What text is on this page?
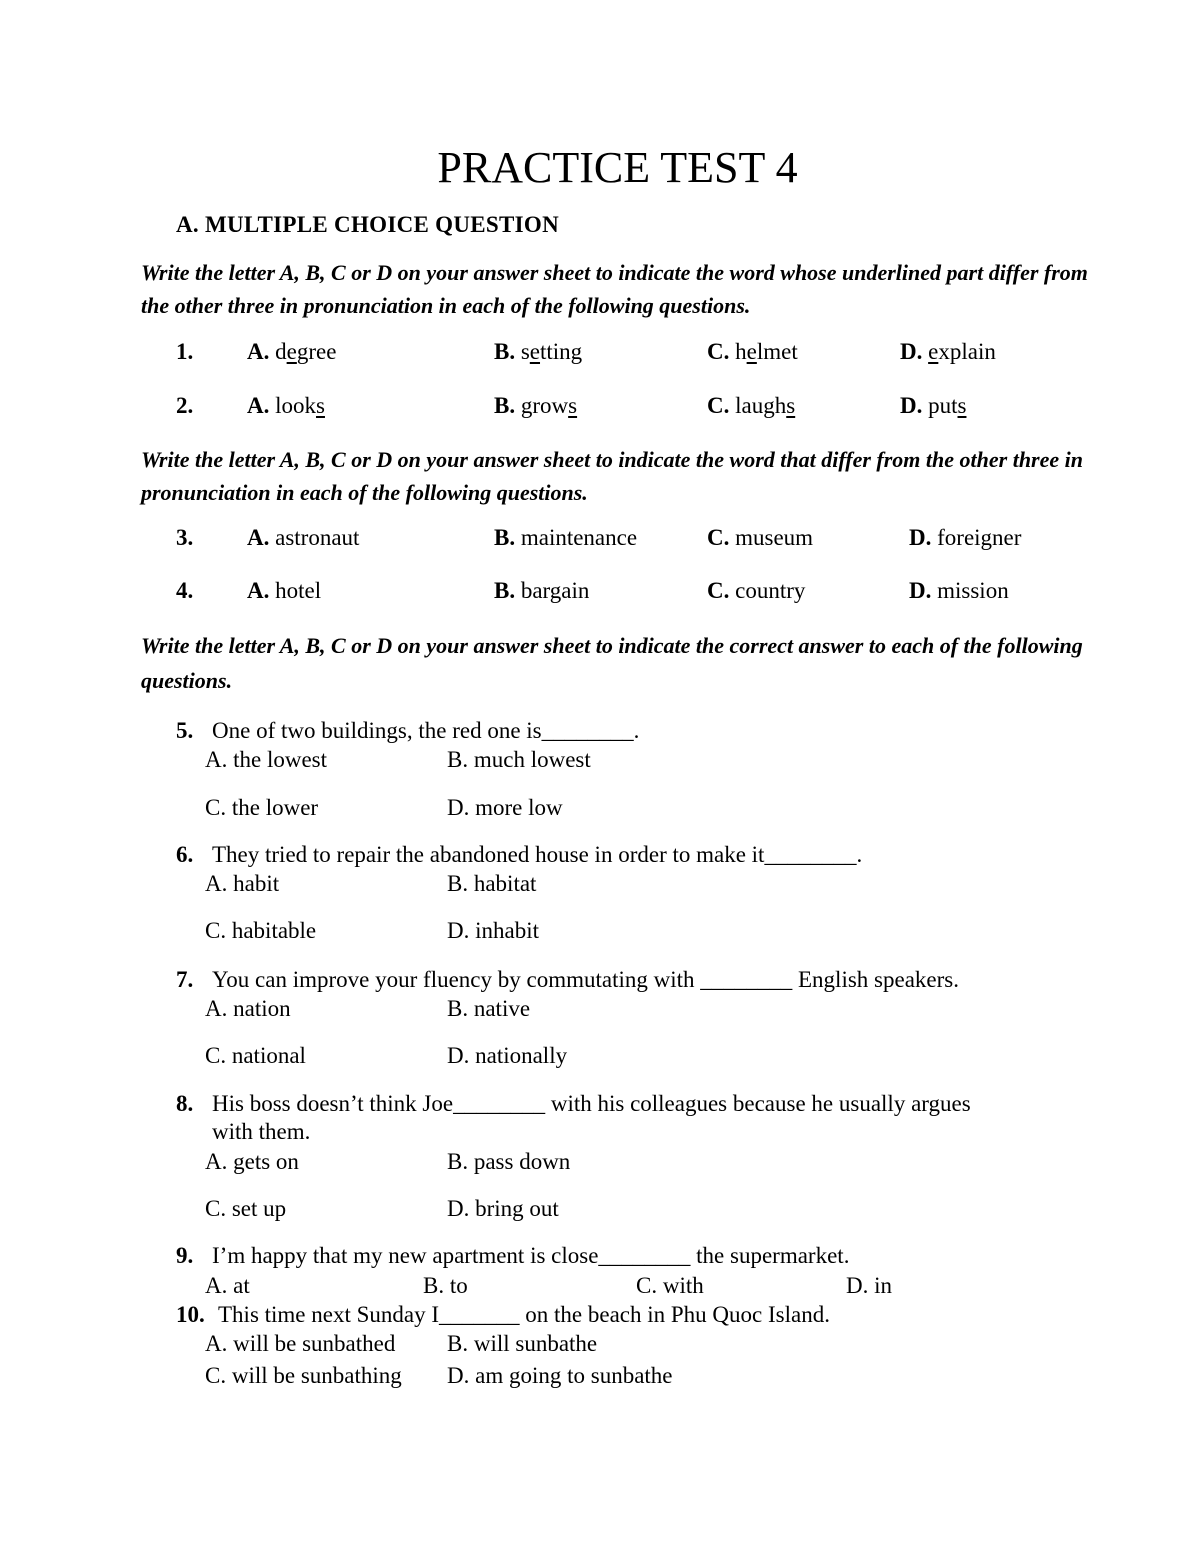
PRACTICE TEST 4
A. MULTIPLE CHOICE QUESTION
Write the letter A, B, C or D on your answer sheet to indicate the word whose underlined part differ from the other three in pronunciation in each of the following questions.
1. A. degree	B. setting	C. helmet	D. explain
2. A. looks	B. grows	C. laughs	D. puts
Write the letter A, B, C or D on your answer sheet to indicate the word that differ from the other three in pronunciation in each of the following questions.
3. A. astronaut	B. maintenance	C. museum	D. foreigner
4. A. hotel	B. bargain	C. country	D. mission
Write the letter A, B, C or D on your answer sheet to indicate the correct answer to each of the following questions.
5. One of two buildings, the red one is________.
A. the lowest	B. much lowest
C. the lower	D. more low
6. They tried to repair the abandoned house in order to make it________.
A. habit	B. habitat
C. habitable	D. inhabit
7. You can improve your fluency by commutating with ________ English speakers.
A. nation	B. native
C. national	D. nationally
8. His boss doesn’t think Joe________ with his colleagues because he usually argues
with them.
A. gets on	B. pass down
C. set up	D. bring out
9. I’m happy that my new apartment is close________ the supermarket.
A. at	B. to	C. with	D. in
10. This time next Sunday I_______ on the beach in Phu Quoc Island.
A. will be sunbathed B. will sunbathe
C. will be sunbathing D. am going to sunbathe
